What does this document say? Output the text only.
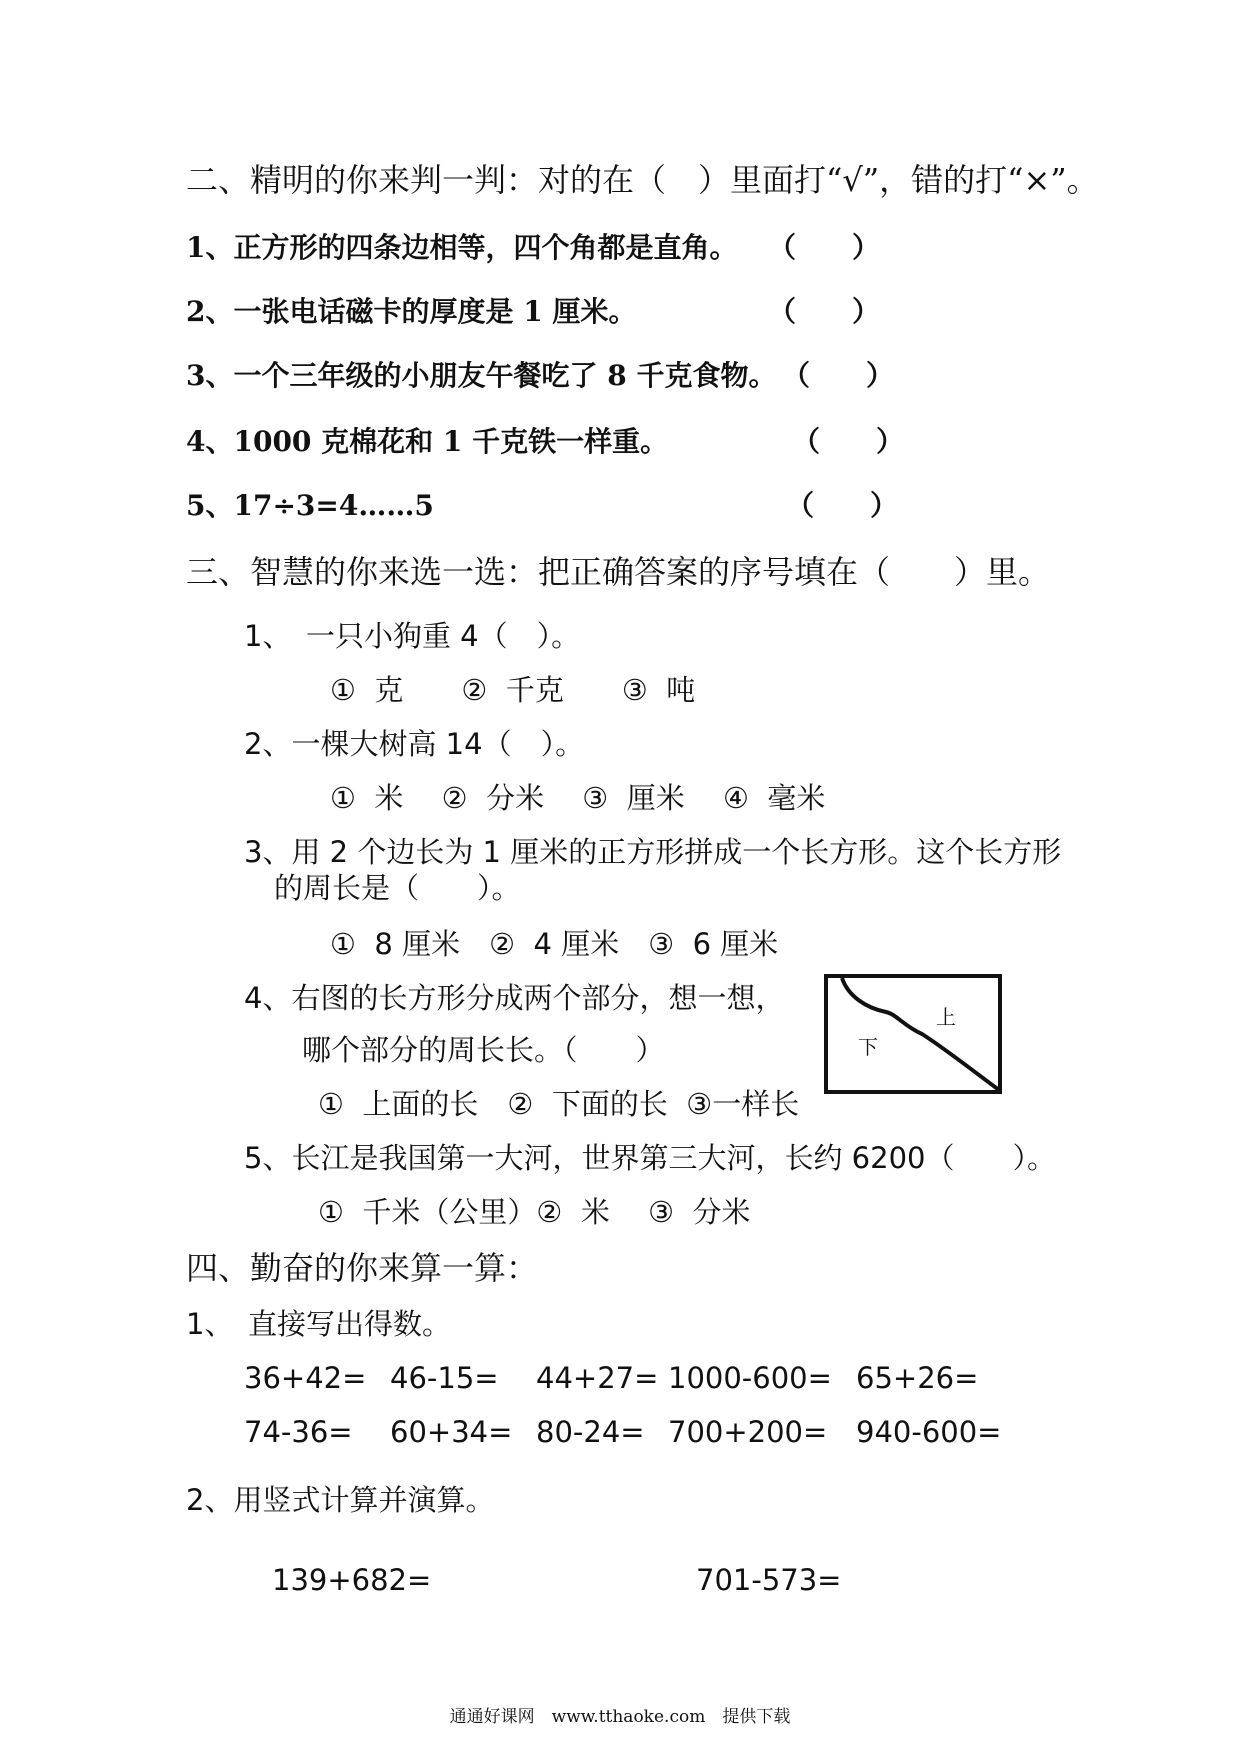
二、精明的你来判一判：对的在（　）里面打“√”，错的打“×”。
1、正方形的四条边相等，四个角都是直角。 （　　）
2、一张电话磁卡的厚度是 1 厘米。	（　　）
3、一个三年级的小朋友午餐吃了 8 千克食物。 （　　）
4、1000 克棉花和 1 千克铁一样重。	（　　）
5、17÷3=4……5	（　　）
三、智慧的你来选一选：把正确答案的序号填在（　　）里。
1、　一只小狗重 4（　）。
①  克　　②  千克　　③  吨
2、一棵大树高 14（　）。
①  米　 ②  分米　 ③  厘米　 ④  毫米
3、用 2 个边长为 1 厘米的正方形拼成一个长方形。这个长方形
的周长是（　　）。
①  8 厘米　②  4 厘米　③  6 厘米
4、右图的长方形分成两个部分，想一想，
哪个部分的周长长。（　　）
①  上面的长　②  下面的长  ③一样长
上
下
5、长江是我国第一大河，世界第三大河，长约 6200（　　）。
①  千米（公里）②  米　 ③  分米
四、勤奋的你来算一算：
1、　直接写出得数。
36+42= 46-15= 44+27= 1000-600= 65+26=
74-36= 60+34= 80-24= 700+200= 940-600=
2、用竖式计算并演算。
139+682=	701-573=
通通好课网　www.tthaoke.com　提供下载
